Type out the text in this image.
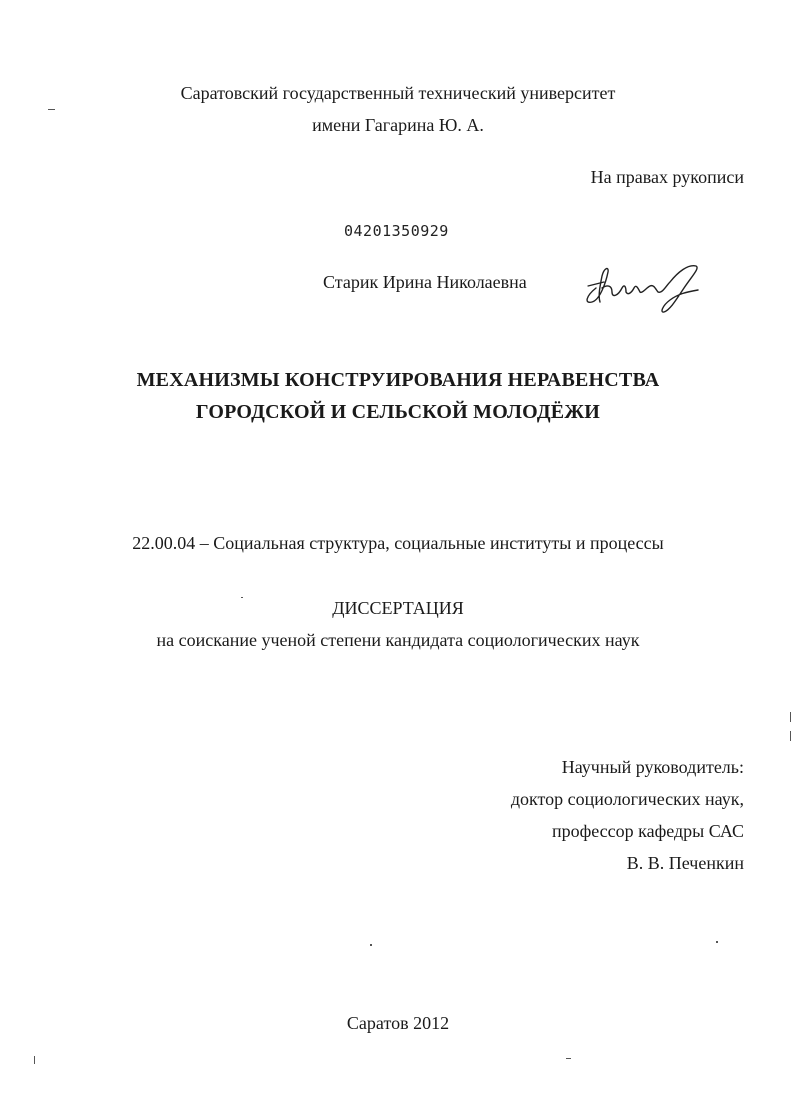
Саратовский государственный технический университет
имени Гагарина Ю. А.
На правах рукописи
04201350929
Старик Ирина Николаевна
МЕХАНИЗМЫ КОНСТРУИРОВАНИЯ НЕРАВЕНСТВА
ГОРОДСКОЙ И СЕЛЬСКОЙ МОЛОДЁЖИ
22.00.04 – Социальная структура, социальные институты и процессы
ДИССЕРТАЦИЯ
на соискание ученой степени кандидата социологических наук
Научный руководитель:
доктор социологических наук,
профессор кафедры САС
В. В. Печенкин
Саратов 2012
